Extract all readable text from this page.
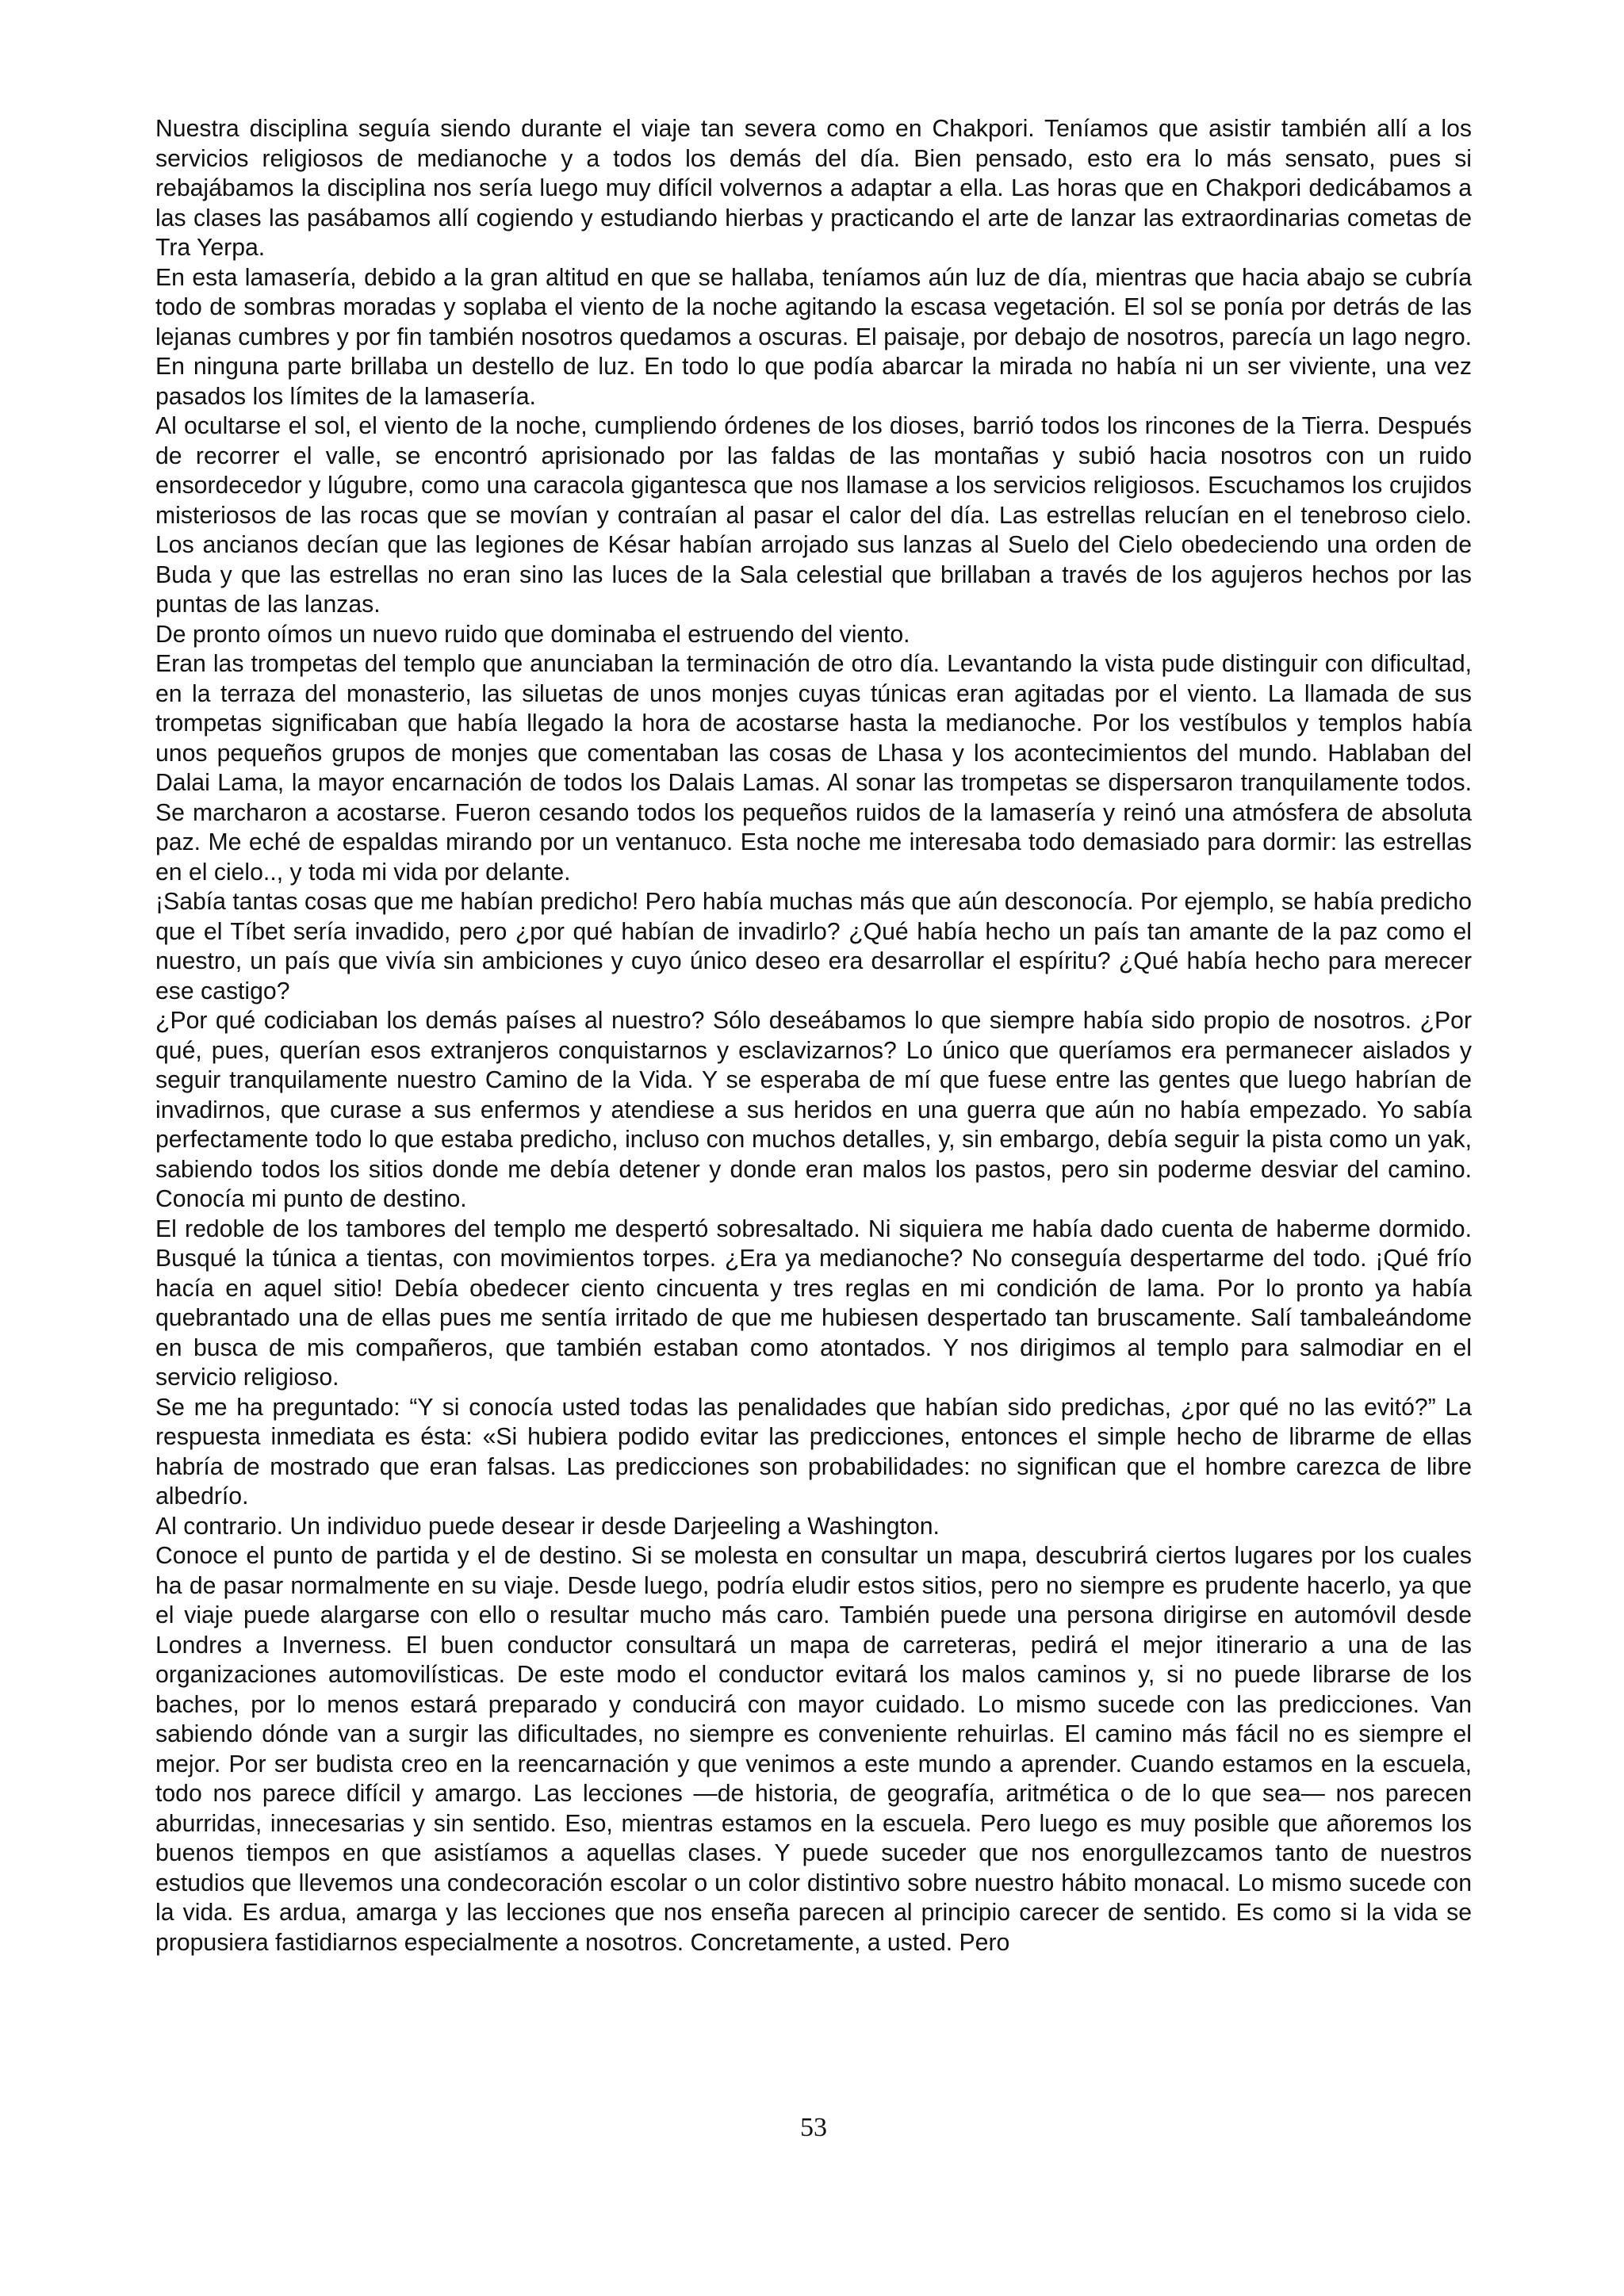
Nuestra disciplina seguía siendo durante el viaje tan severa como en Chakpori. Teníamos que asistir también allí a los servicios religiosos de medianoche y a todos los demás del día. Bien pensado, esto era lo más sensato, pues si rebajábamos la disciplina nos sería luego muy difícil volvernos a adaptar a ella. Las horas que en Chakpori dedicábamos a las clases las pasábamos allí cogiendo y estudiando hierbas y practicando el arte de lanzar las extraordinarias cometas de Tra Yerpa.

En esta lamasería, debido a la gran altitud en que se hallaba, teníamos aún luz de día, mientras que hacia abajo se cubría todo de sombras moradas y soplaba el viento de la noche agitando la escasa vegetación. El sol se ponía por detrás de las lejanas cumbres y por fin también nosotros quedamos a oscuras. El paisaje, por debajo de nosotros, parecía un lago negro. En ninguna parte brillaba un destello de luz. En todo lo que podía abarcar la mirada no había ni un ser viviente, una vez pasados los límites de la lamasería.

Al ocultarse el sol, el viento de la noche, cumpliendo órdenes de los dioses, barrió todos los rincones de la Tierra. Después de recorrer el valle, se encontró aprisionado por las faldas de las montañas y subió hacia nosotros con un ruido ensordecedor y lúgubre, como una caracola gigantesca que nos llamase a los servicios religiosos. Escuchamos los crujidos misteriosos de las rocas que se movían y contraían al pasar el calor del día. Las estrellas relucían en el tenebroso cielo. Los ancianos decían que las legiones de Késar habían arrojado sus lanzas al Suelo del Cielo obedeciendo una orden de Buda y que las estrellas no eran sino las luces de la Sala celestial que brillaban a través de los agujeros hechos por las puntas de las lanzas.

De pronto oímos un nuevo ruido que dominaba el estruendo del viento.

Eran las trompetas del templo que anunciaban la terminación de otro día. Levantando la vista pude distinguir con dificultad, en la terraza del monasterio, las siluetas de unos monjes cuyas túnicas eran agitadas por el viento. La llamada de sus trompetas significaban que había llegado la hora de acostarse hasta la medianoche. Por los vestíbulos y templos había unos pequeños grupos de monjes que comentaban las cosas de Lhasa y los acontecimientos del mundo. Hablaban del Dalai Lama, la mayor encarnación de todos los Dalais Lamas. Al sonar las trompetas se dispersaron tranquilamente todos. Se marcharon a acostarse. Fueron cesando todos los pequeños ruidos de la lamasería y reinó una atmósfera de absoluta paz. Me eché de espaldas mirando por un ventanuco. Esta noche me interesaba todo demasiado para dormir: las estrellas en el cielo.., y toda mi vida por delante.

¡Sabía tantas cosas que me habían predicho! Pero había muchas más que aún desconocía. Por ejemplo, se había predicho que el Tíbet sería invadido, pero ¿por qué habían de invadirlo? ¿Qué había hecho un país tan amante de la paz como el nuestro, un país que vivía sin ambiciones y cuyo único deseo era desarrollar el espíritu? ¿Qué había hecho para merecer ese castigo?

¿Por qué codiciaban los demás países al nuestro? Sólo deseábamos lo que siempre había sido propio de nosotros. ¿Por qué, pues, querían esos extranjeros conquistarnos y esclavizarnos? Lo único que queríamos era permanecer aislados y seguir tranquilamente nuestro Camino de la Vida. Y se esperaba de mí que fuese entre las gentes que luego habrían de invadirnos, que curase a sus enfermos y atendiese a sus heridos en una guerra que aún no había empezado. Yo sabía perfectamente todo lo que estaba predicho, incluso con muchos detalles, y, sin embargo, debía seguir la pista como un yak, sabiendo todos los sitios donde me debía detener y donde eran malos los pastos, pero sin poderme desviar del camino. Conocía mi punto de destino.

El redoble de los tambores del templo me despertó sobresaltado. Ni siquiera me había dado cuenta de haberme dormido. Busqué la túnica a tientas, con movimientos torpes. ¿Era ya medianoche? No conseguía despertarme del todo. ¡Qué frío hacía en aquel sitio! Debía obedecer ciento cincuenta y tres reglas en mi condición de lama. Por lo pronto ya había quebrantado una de ellas pues me sentía irritado de que me hubiesen despertado tan bruscamente. Salí tambaleándome en busca de mis compañeros, que también estaban como atontados. Y nos dirigimos al templo para salmodiar en el servicio religioso.

Se me ha preguntado: “Y si conocía usted todas las penalidades que habían sido predichas, ¿por qué no las evitó?” La respuesta inmediata es ésta: «Si hubiera podido evitar las predicciones, entonces el simple hecho de librarme de ellas habría de mostrado que eran falsas. Las predicciones son probabilidades: no significan que el hombre carezca de libre albedrío.

Al contrario. Un individuo puede desear ir desde Darjeeling a Washington.

Conoce el punto de partida y el de destino. Si se molesta en consultar un mapa, descubrirá ciertos lugares por los cuales ha de pasar normalmente en su viaje. Desde luego, podría eludir estos sitios, pero no siempre es prudente hacerlo, ya que el viaje puede alargarse con ello o resultar mucho más caro. También puede una persona dirigirse en automóvil desde Londres a Inverness. El buen conductor consultará un mapa de carreteras, pedirá el mejor itinerario a una de las organizaciones automovilísticas. De este modo el conductor evitará los malos caminos y, si no puede librarse de los baches, por lo menos estará preparado y conducirá con mayor cuidado. Lo mismo sucede con las predicciones. Van sabiendo dónde van a surgir las dificultades, no siempre es conveniente rehuirlas. El camino más fácil no es siempre el mejor. Por ser budista creo en la reencarnación y que venimos a este mundo a aprender. Cuando estamos en la escuela, todo nos parece difícil y amargo. Las lecciones —de historia, de geografía, aritmética o de lo que sea— nos parecen aburridas, innecesarias y sin sentido. Eso, mientras estamos en la escuela. Pero luego es muy posible que añoremos los buenos tiempos en que asistíamos a aquellas clases. Y puede suceder que nos enorgullezcamos tanto de nuestros estudios que llevemos una condecoración escolar o un color distintivo sobre nuestro hábito monacal. Lo mismo sucede con la vida. Es ardua, amarga y las lecciones que nos enseña parecen al principio carecer de sentido. Es como si la vida se propusiera fastidiarnos especialmente a nosotros. Concretamente, a usted. Pero

53
